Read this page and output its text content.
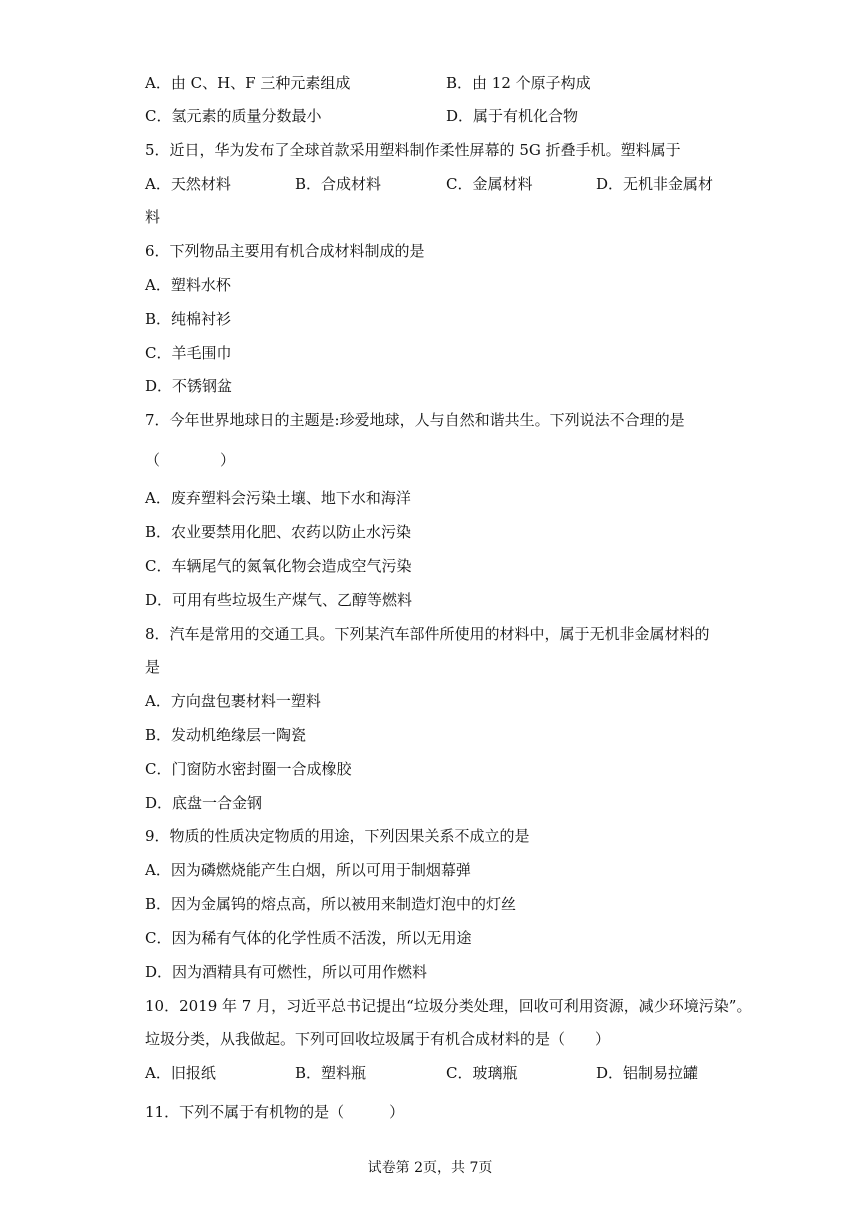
A．由 C、H、F 三种元素组成	B．由 12 个原子构成
C．氢元素的质量分数最小	D．属于有机化合物
5．近日，华为发布了全球首款采用塑料制作柔性屏幕的 5G 折叠手机。塑料属于
A．天然材料	B．合成材料	C．金属材料	D．无机非金属材
料
6．下列物品主要用有机合成材料制成的是
A．塑料水杯
B．纯棉衬衫
C．羊毛围巾
D．不锈钢盆
7．今年世界地球日的主题是:珍爱地球，人与自然和谐共生。下列说法不合理的是
（　　　　）
A．废弃塑料会污染土壤、地下水和海洋
B．农业要禁用化肥、农药以防止水污染
C．车辆尾气的氮氧化物会造成空气污染
D．可用有些垃圾生产煤气、乙醇等燃料
8．汽车是常用的交通工具。下列某汽车部件所使用的材料中，属于无机非金属材料的
是
A．方向盘包裹材料一塑料
B．发动机绝缘层一陶瓷
C．门窗防水密封圈一合成橡胶
D．底盘一合金钢
9．物质的性质决定物质的用途，下列因果关系不成立的是
A．因为磷燃烧能产生白烟，所以可用于制烟幕弹
B．因为金属钨的熔点高，所以被用来制造灯泡中的灯丝
C．因为稀有气体的化学性质不活泼，所以无用途
D．因为酒精具有可燃性，所以可用作燃料
10．2019 年 7 月，习近平总书记提出“垃圾分类处理，回收可利用资源，减少环境污染”。
垃圾分类，从我做起。下列可回收垃圾属于有机合成材料的是（　　）
A．旧报纸	B．塑料瓶	C．玻璃瓶	D．铝制易拉罐
11．下列不属于有机物的是（　　　）
试卷第 2页，共 7页
